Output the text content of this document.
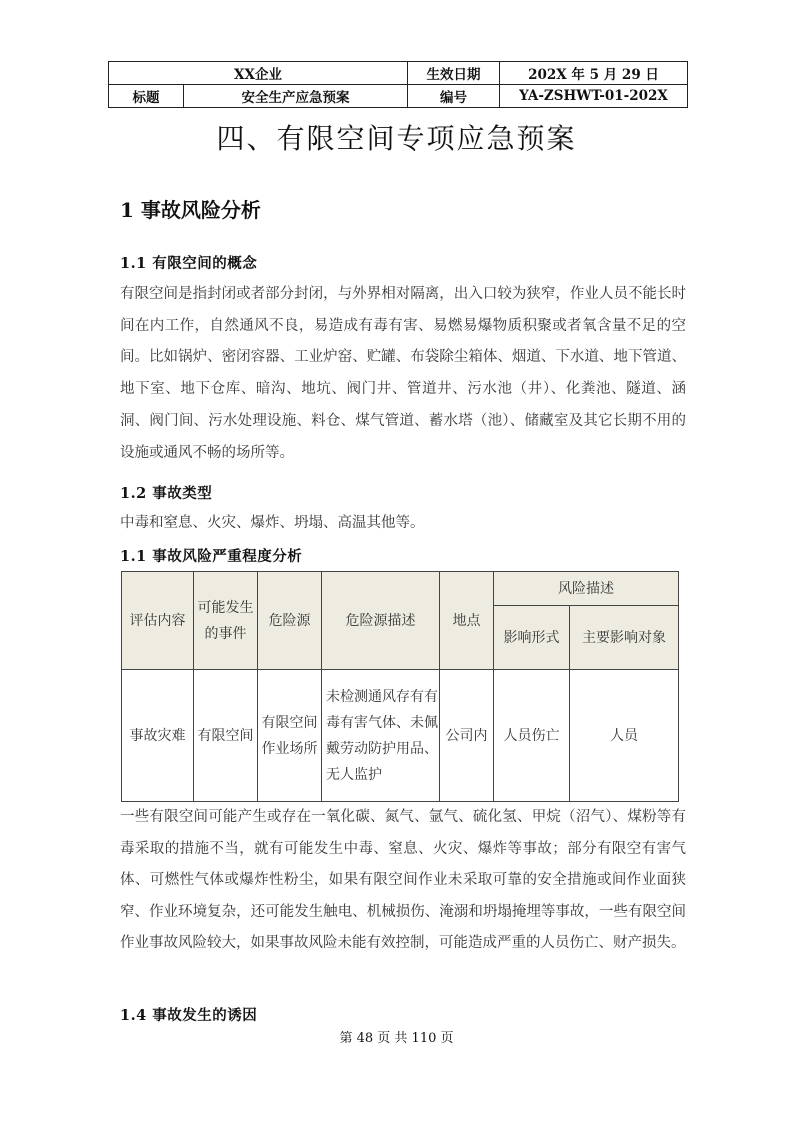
XX企业		生效日期	202X 年 5 月 29 日
标题	安全生产应急预案	编号	YA-ZSHWT-01-202X
四、有限空间专项应急预案
1 事故风险分析
1.1 有限空间的概念

有限空间是指封闭或者部分封闭，与外界相对隔离，出入口较为狭窄，作业人员不能长时间在内工作，自然通风不良，易造成有毒有害、易燃易爆物质积聚或者氧含量不足的空间。比如锅炉、密闭容器、工业炉窑、贮罐、布袋除尘箱体、烟道、下水道、地下管道、地下室、地下仓库、暗沟、地坑、阀门井、管道井、污水池（井）、化粪池、隧道、涵洞、阀门间、污水处理设施、料仓、煤气管道、蓄水塔（池）、储藏室及其它长期不用的设施或通风不畅的场所等。

1.2 事故类型

中毒和窒息、火灾、爆炸、坍塌、高温其他等。

1.1 事故风险严重程度分析
评估内容	可能发生的事件	危险源	危险源描述	地点	风险描述	
					影响形式	主要影响对象
事故灾难	有限空间	有限空间作业场所	未检测通风存有有毒有害气体、未佩戴劳动防护用品、无人监护	公司内	人员伤亡	人员

一些有限空间可能产生或存在一氧化碳、氮气、氩气、硫化氢、甲烷（沼气）、煤粉等有毒采取的措施不当，就有可能发生中毒、窒息、火灾、爆炸等事故；部分有限空有害气体、可燃性气体或爆炸性粉尘，如果有限空间作业未采取可靠的安全措施或间作业面狭窄、作业环境复杂，还可能发生触电、机械损伤、淹溺和坍塌掩埋等事故，一些有限空间作业事故风险较大，如果事故风险未能有效控制，可能造成严重的人员伤亡、财产损失。

1.4 事故发生的诱因
第 48 页 共 110 页
